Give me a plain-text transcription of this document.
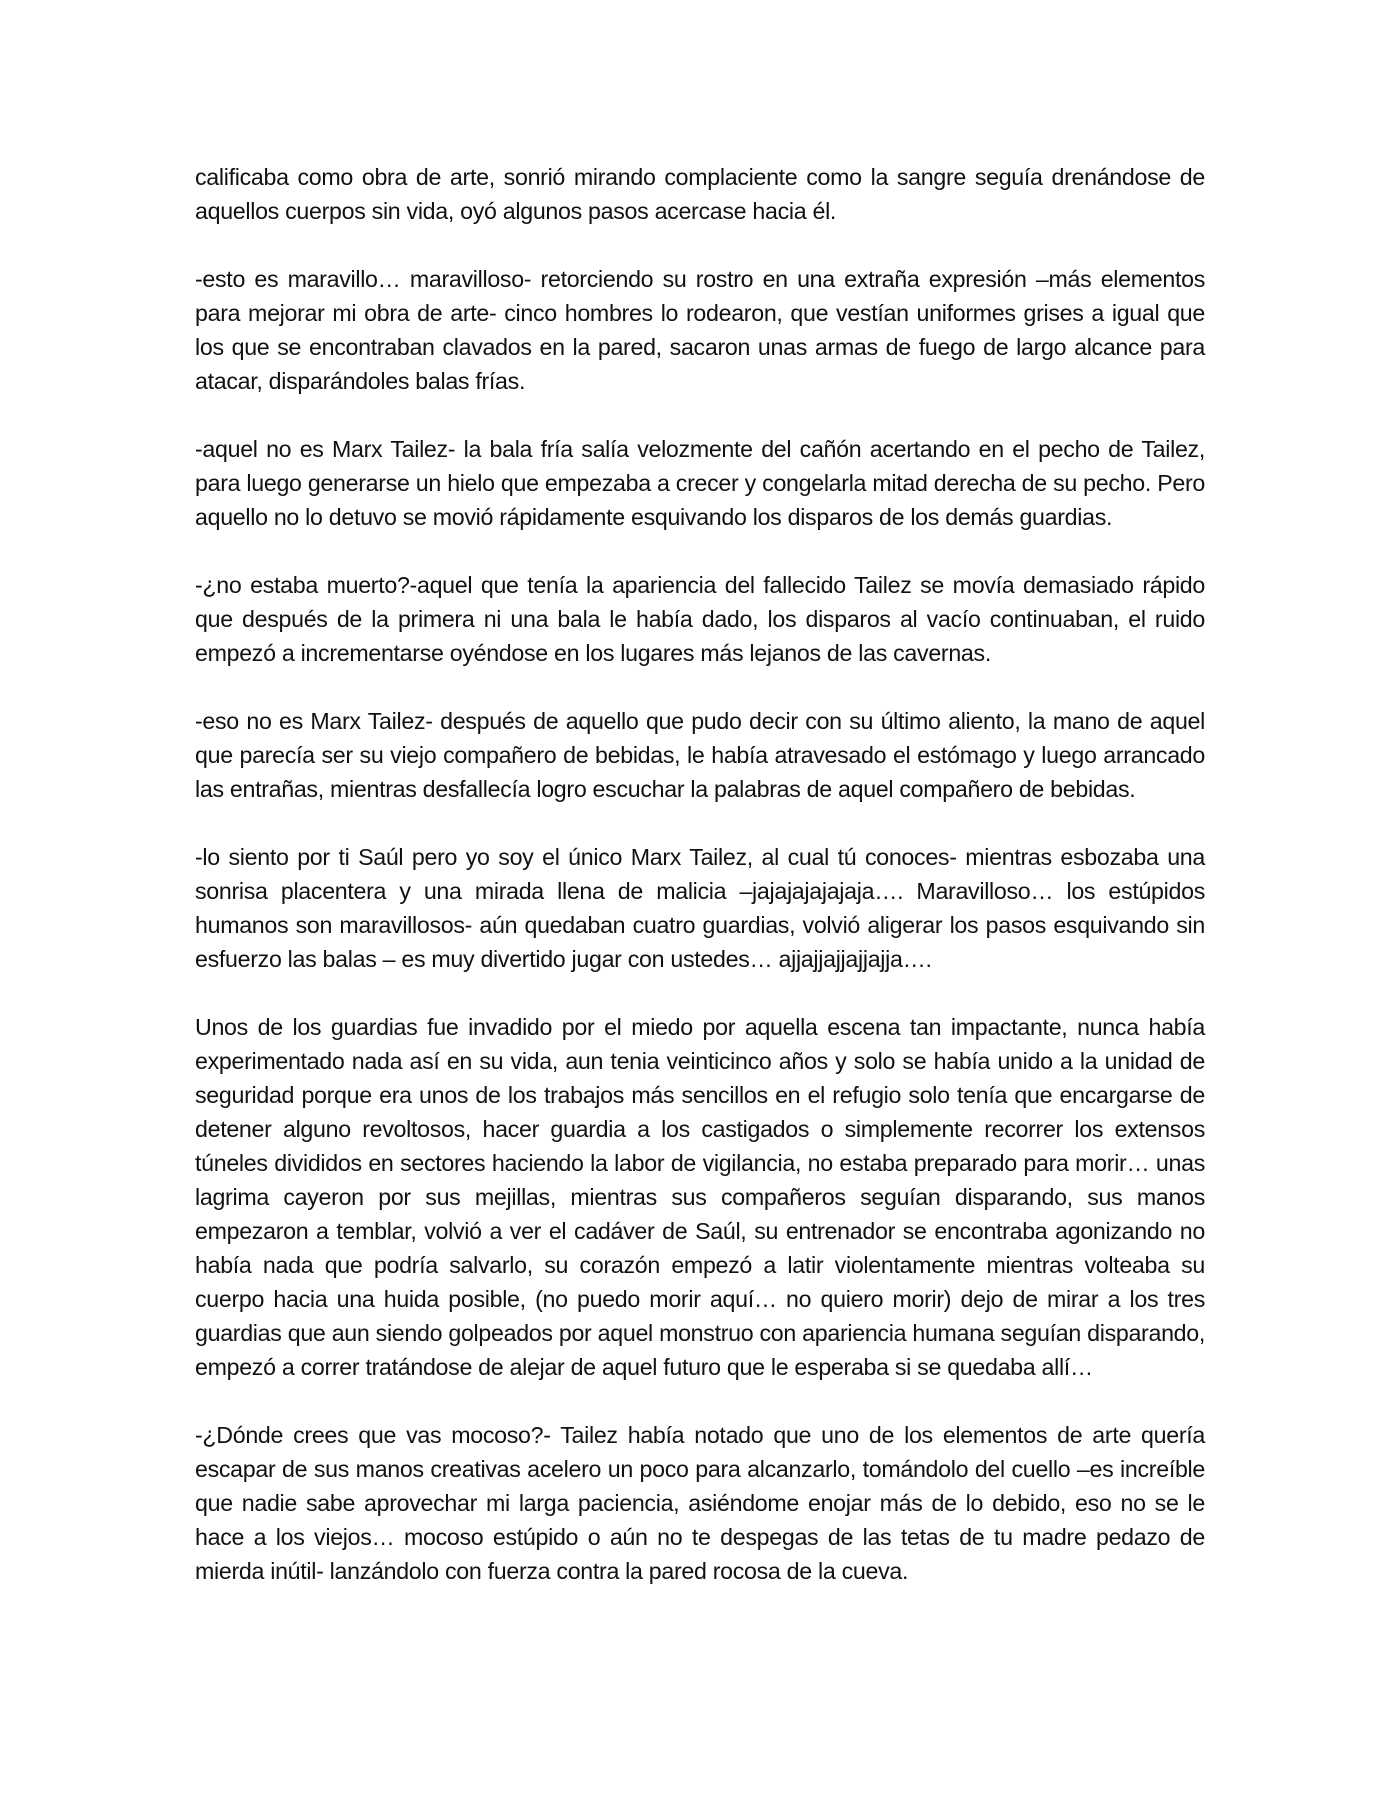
calificaba como obra de arte, sonrió mirando complaciente como la sangre seguía drenándose de aquellos cuerpos sin vida, oyó algunos pasos acercase hacia él.

-esto es maravillo… maravilloso- retorciendo su rostro en una extraña expresión –más elementos para mejorar mi obra de arte- cinco hombres lo rodearon, que vestían uniformes grises a igual que los que se encontraban clavados en la pared, sacaron unas armas de fuego de largo alcance para atacar, disparándoles balas frías.

-aquel no es Marx Tailez- la bala fría salía velozmente del cañón acertando en el pecho de Tailez, para luego generarse un hielo que empezaba a crecer y congelarla mitad derecha de su pecho. Pero aquello no lo detuvo se movió rápidamente esquivando los disparos de los demás guardias.

-¿no estaba muerto?-aquel que tenía la apariencia del fallecido Tailez se movía demasiado rápido que después de la primera ni una bala le había dado, los disparos al vacío continuaban, el ruido empezó a incrementarse oyéndose en los lugares más lejanos de las cavernas.

-eso no es Marx Tailez- después de aquello que pudo decir con su último aliento, la mano de aquel que parecía ser su viejo compañero de bebidas, le había atravesado el estómago y luego arrancado las entrañas, mientras desfallecía logro escuchar la palabras de aquel compañero de bebidas.

-lo siento por ti Saúl pero yo soy el único Marx Tailez, al cual tú conoces- mientras esbozaba una sonrisa placentera y una mirada llena de malicia –jajajajajajaja…. Maravilloso… los estúpidos humanos son maravillosos- aún quedaban cuatro guardias, volvió aligerar los pasos esquivando sin esfuerzo las balas – es muy divertido jugar con ustedes… ajjajjajjajjajja….

Unos de los guardias fue invadido por el miedo por aquella escena tan impactante, nunca había experimentado nada así en su vida, aun tenia veinticinco años y solo se había unido a la unidad de seguridad porque era unos de los trabajos más sencillos en el refugio solo tenía que encargarse de detener alguno revoltosos, hacer guardia a los castigados o simplemente recorrer los extensos túneles divididos en sectores haciendo la labor de vigilancia, no estaba preparado para morir… unas lagrima cayeron por sus mejillas, mientras sus compañeros seguían disparando, sus manos empezaron a temblar, volvió a ver el cadáver de Saúl, su entrenador se encontraba agonizando no había nada que podría salvarlo, su corazón empezó a latir violentamente mientras volteaba su cuerpo hacia una huida posible, (no puedo morir aquí… no quiero morir) dejo de mirar a los tres guardias que aun siendo golpeados por aquel monstruo con apariencia humana seguían disparando, empezó a correr tratándose de alejar de aquel futuro que le esperaba si se quedaba allí…

-¿Dónde crees que vas mocoso?- Tailez había notado que uno de los elementos de arte quería escapar de sus manos creativas acelero un poco para alcanzarlo, tomándolo del cuello –es increíble que nadie sabe aprovechar mi larga paciencia, asiéndome enojar más de lo debido, eso no se le hace a los viejos… mocoso estúpido o aún no te despegas de las tetas de tu madre pedazo de mierda inútil- lanzándolo con fuerza contra la pared rocosa de la cueva.
